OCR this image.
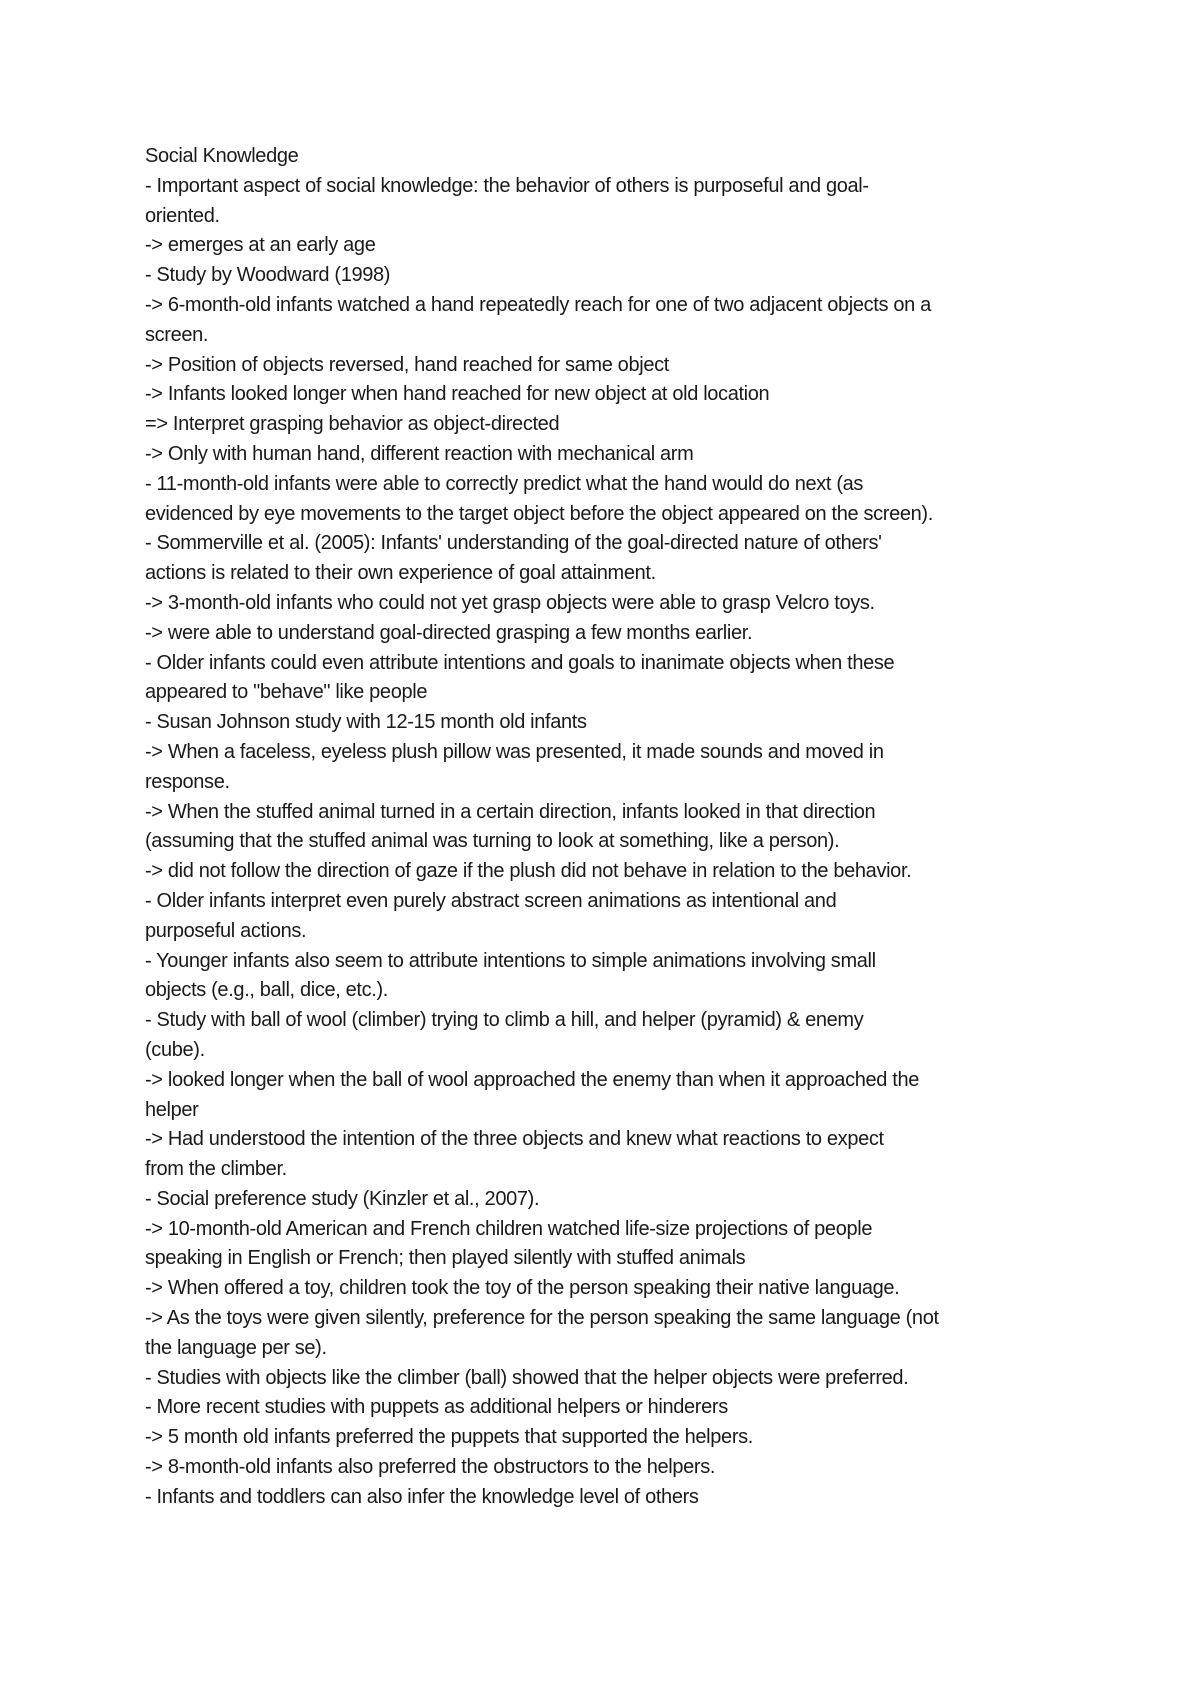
Social Knowledge
- Important aspect of social knowledge: the behavior of others is purposeful and goal-
oriented.
-> emerges at an early age
- Study by Woodward (1998)
-> 6-month-old infants watched a hand repeatedly reach for one of two adjacent objects on a
screen.
-> Position of objects reversed, hand reached for same object
-> Infants looked longer when hand reached for new object at old location
=> Interpret grasping behavior as object-directed
-> Only with human hand, different reaction with mechanical arm
- 11-month-old infants were able to correctly predict what the hand would do next (as
evidenced by eye movements to the target object before the object appeared on the screen).
- Sommerville et al. (2005): Infants' understanding of the goal-directed nature of others'
actions is related to their own experience of goal attainment.
-> 3-month-old infants who could not yet grasp objects were able to grasp Velcro toys.
-> were able to understand goal-directed grasping a few months earlier.
- Older infants could even attribute intentions and goals to inanimate objects when these
appeared to "behave" like people
- Susan Johnson study with 12-15 month old infants
-> When a faceless, eyeless plush pillow was presented, it made sounds and moved in
response.
-> When the stuffed animal turned in a certain direction, infants looked in that direction
(assuming that the stuffed animal was turning to look at something, like a person).
-> did not follow the direction of gaze if the plush did not behave in relation to the behavior.
- Older infants interpret even purely abstract screen animations as intentional and
purposeful actions.
- Younger infants also seem to attribute intentions to simple animations involving small
objects (e.g., ball, dice, etc.).
- Study with ball of wool (climber) trying to climb a hill, and helper (pyramid) & enemy
(cube).
-> looked longer when the ball of wool approached the enemy than when it approached the
helper
-> Had understood the intention of the three objects and knew what reactions to expect
from the climber.
- Social preference study (Kinzler et al., 2007).
-> 10-month-old American and French children watched life-size projections of people
speaking in English or French; then played silently with stuffed animals
-> When offered a toy, children took the toy of the person speaking their native language.
-> As the toys were given silently, preference for the person speaking the same language (not
the language per se).
- Studies with objects like the climber (ball) showed that the helper objects were preferred.
- More recent studies with puppets as additional helpers or hinderers
-> 5 month old infants preferred the puppets that supported the helpers.
-> 8-month-old infants also preferred the obstructors to the helpers.
- Infants and toddlers can also infer the knowledge level of others
